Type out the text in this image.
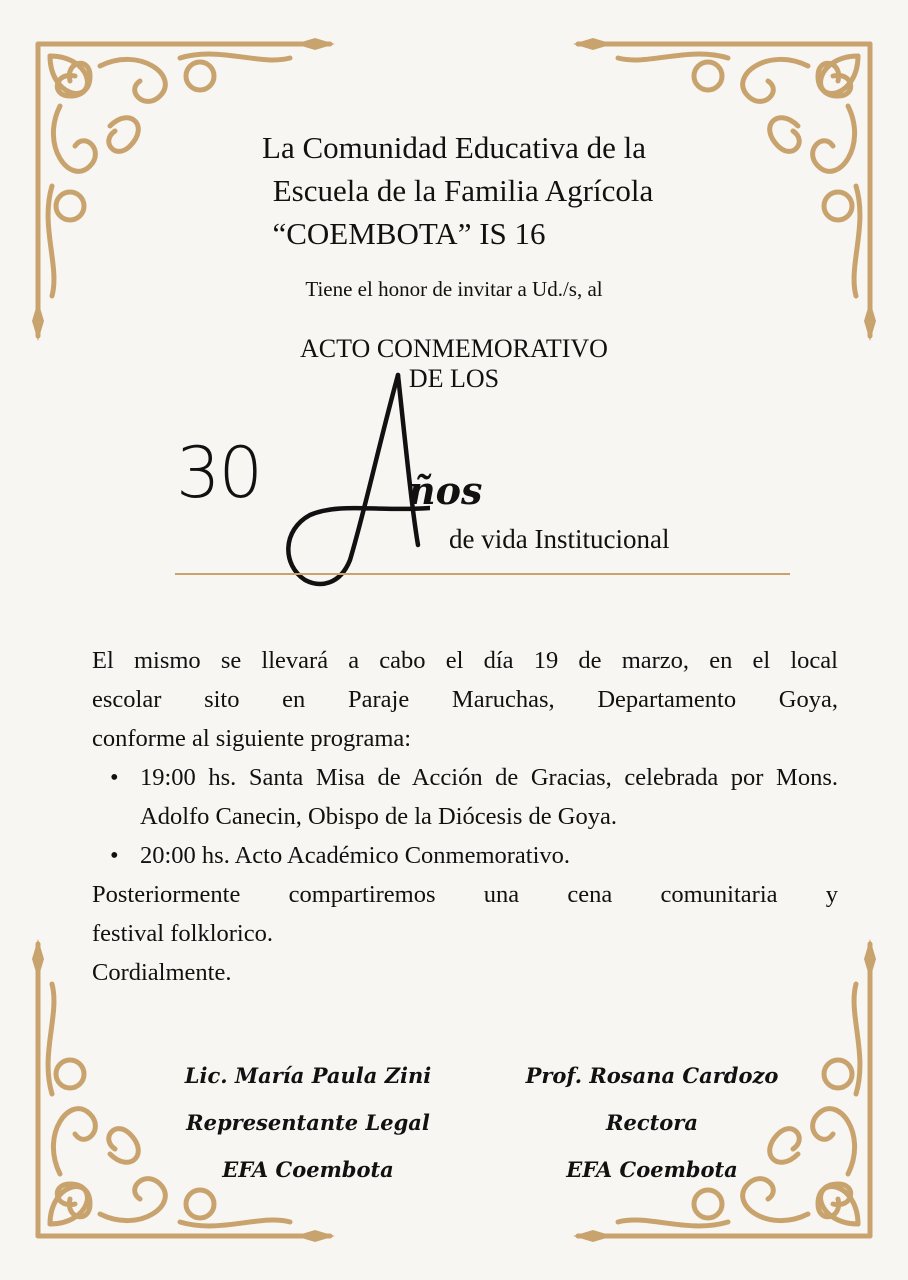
La Comunidad Educativa de la
Escuela de la Familia Agrícola
“COEMBOTA” IS 16
Tiene el honor de invitar a Ud./s, al
ACTO CONMEMORATIVO
DE LOS
30	ños
de vida Institucional
El mismo se llevará a cabo el día 19 de marzo, en el local
escolar sito en Paraje Maruchas, Departamento Goya,
conforme al siguiente programa:
• 19:00 hs. Santa Misa de Acción de Gracias, celebrada por Mons. Adolfo Canecin, Obispo de la Diócesis de Goya.
• 20:00 hs. Acto Académico Conmemorativo.
Posteriormente compartiremos una cena comunitaria y
festival folklorico.
Cordialmente.
Lic. María Paula Zini
Representante Legal
EFA Coembota
Prof. Rosana Cardozo
Rectora
EFA Coembota
